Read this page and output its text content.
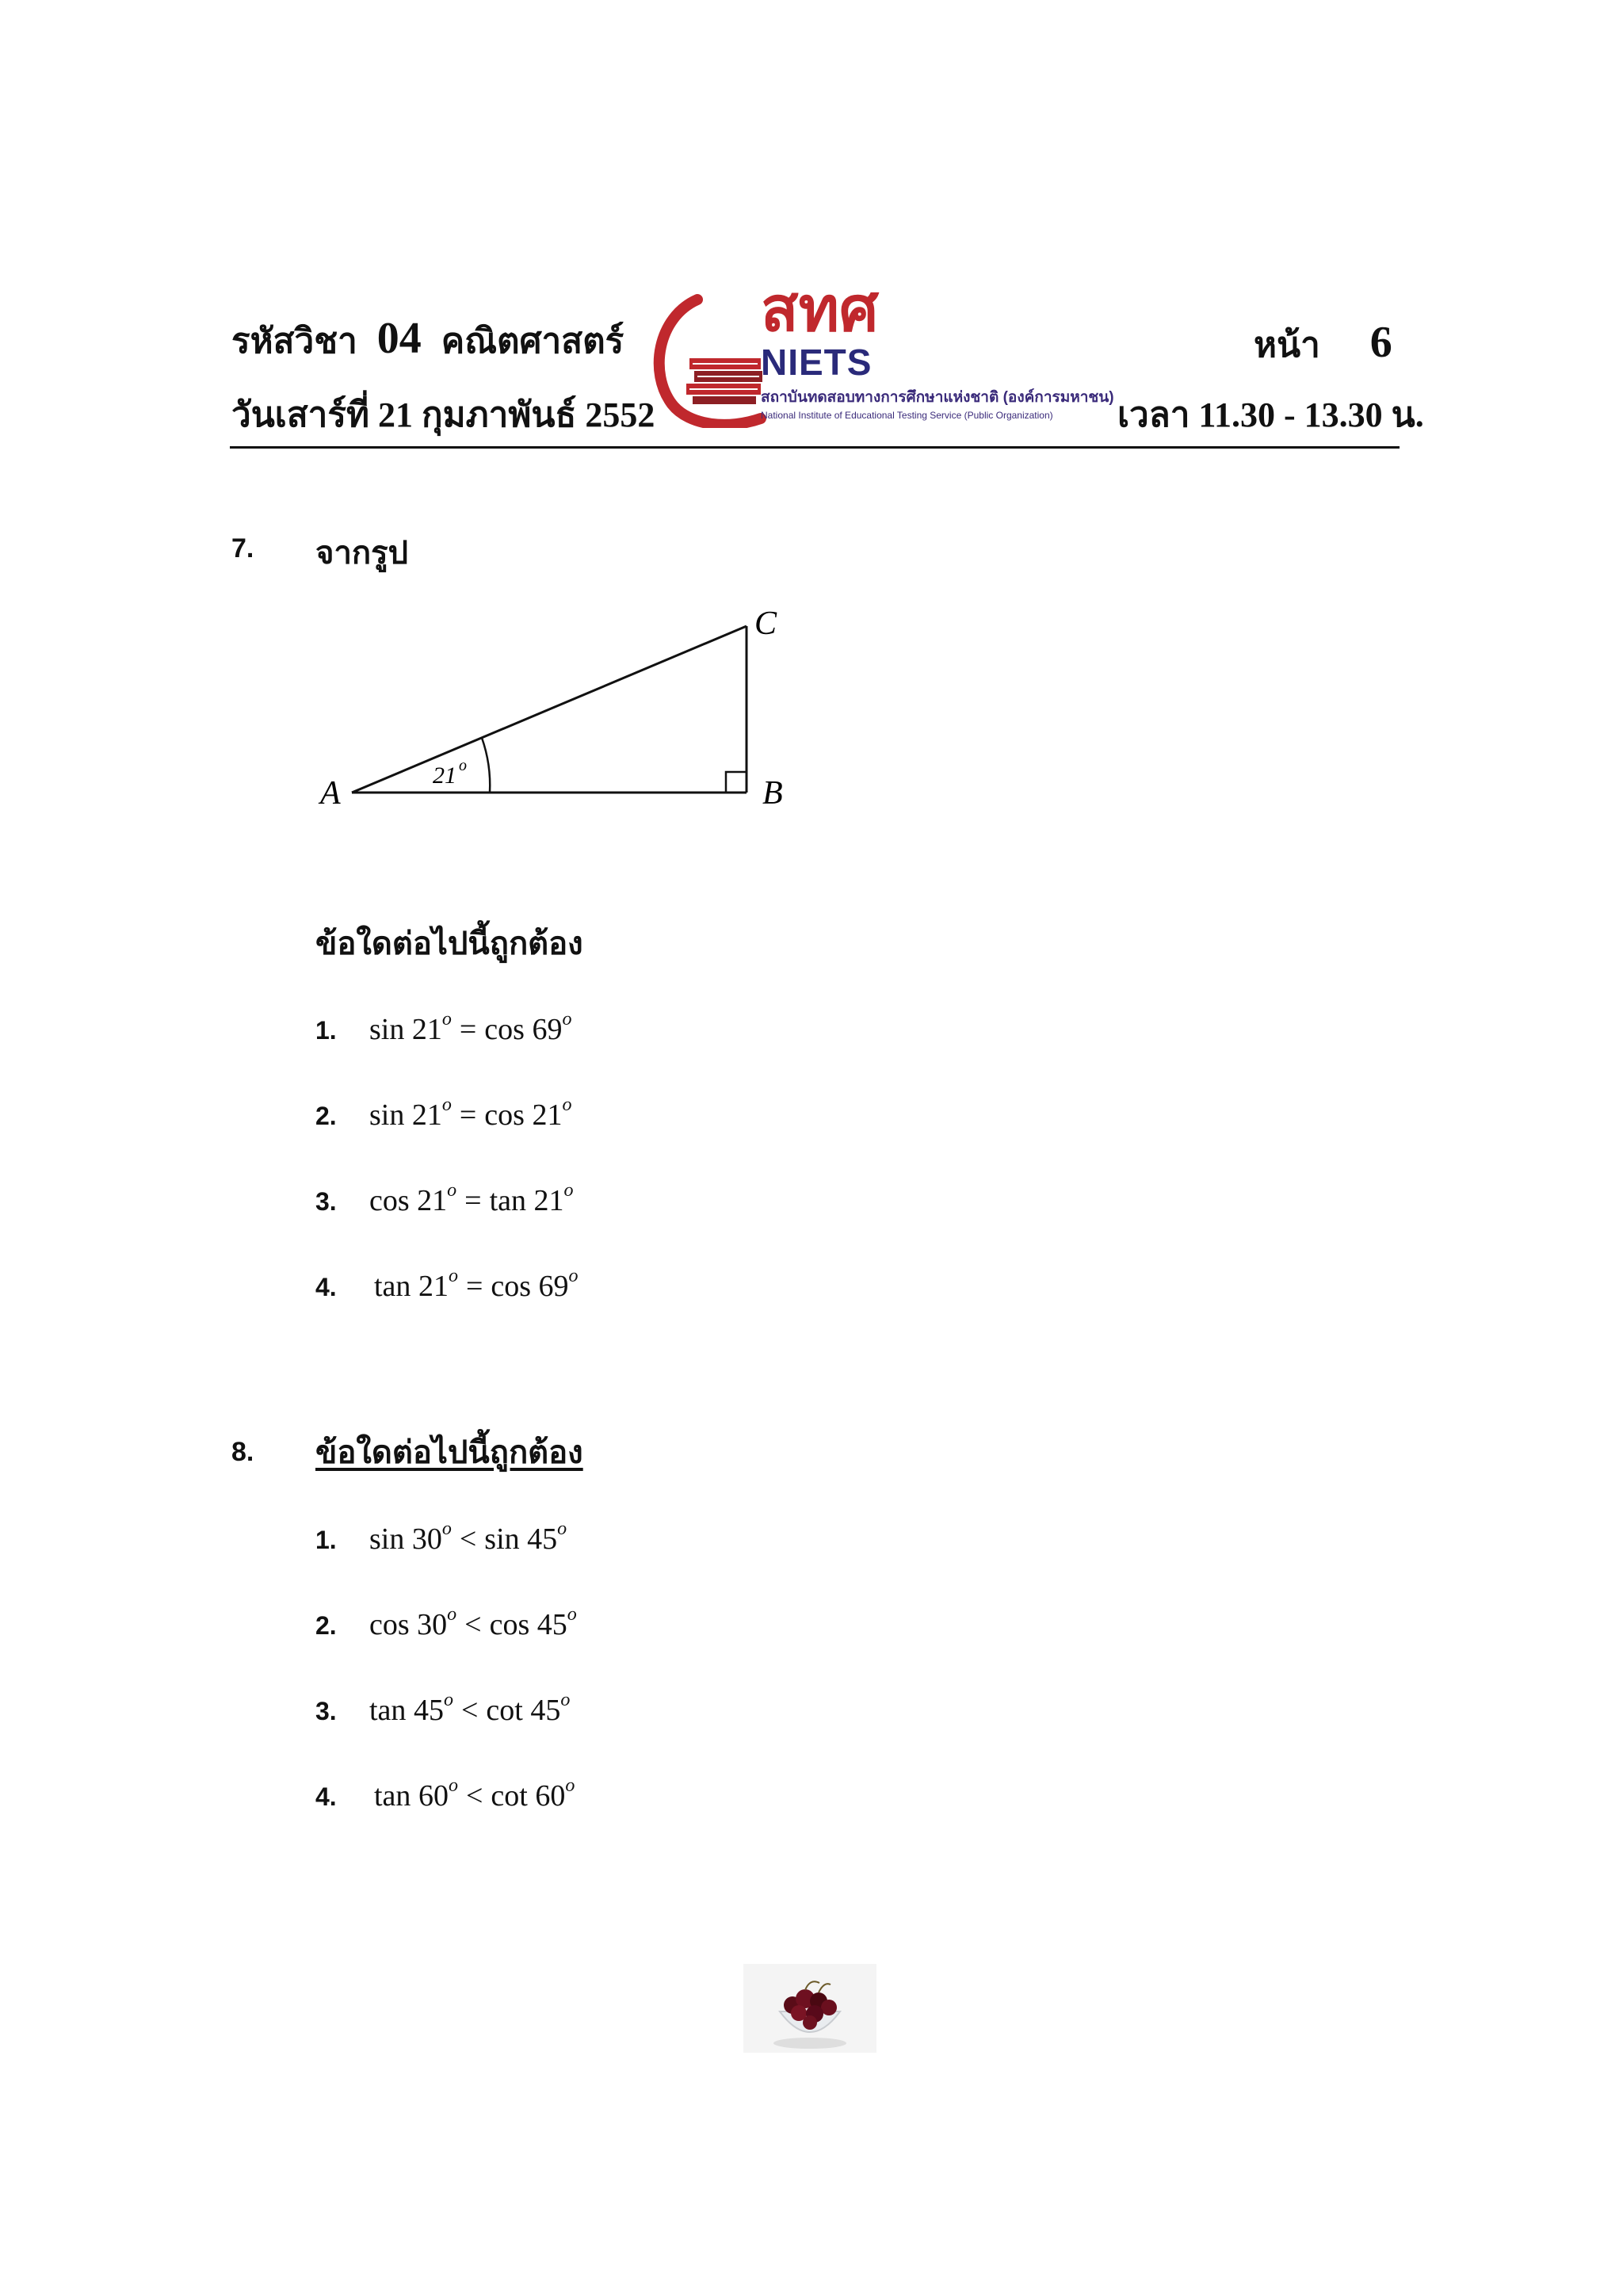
รหัสวิชา 04 คณิตศาสตร์
วันเสาร์ที่ 21 กุมภาพันธ์ 2552
หน้า 6
เวลา 11.30 - 13.30 น.
สทศ
NIETS
สถาบันทดสอบทางการศึกษาแห่งชาติ (องค์การมหาชน)
National Institute of Educational Testing Service (Public Organization)
7. จากรูป
A	B
C
21 o
ข้อใดต่อไปนี้ถูกต้อง
1. $\sin 21^o = \cos 69^o$
2. $\sin 21^o = \cos 21^o$
3. $\cos 21^o = \tan 21^o$
4. $\tan 21^o = \cos 69^o$
8. ข้อใดต่อไปนี้ถูกต้อง
1. $\sin 30^o < \sin 45^o$
2. $\cos 30^o < \cos 45^o$
3. $\tan 45^o < \cot 45^o$
4. $\tan 60^o < \cot 60^o$
